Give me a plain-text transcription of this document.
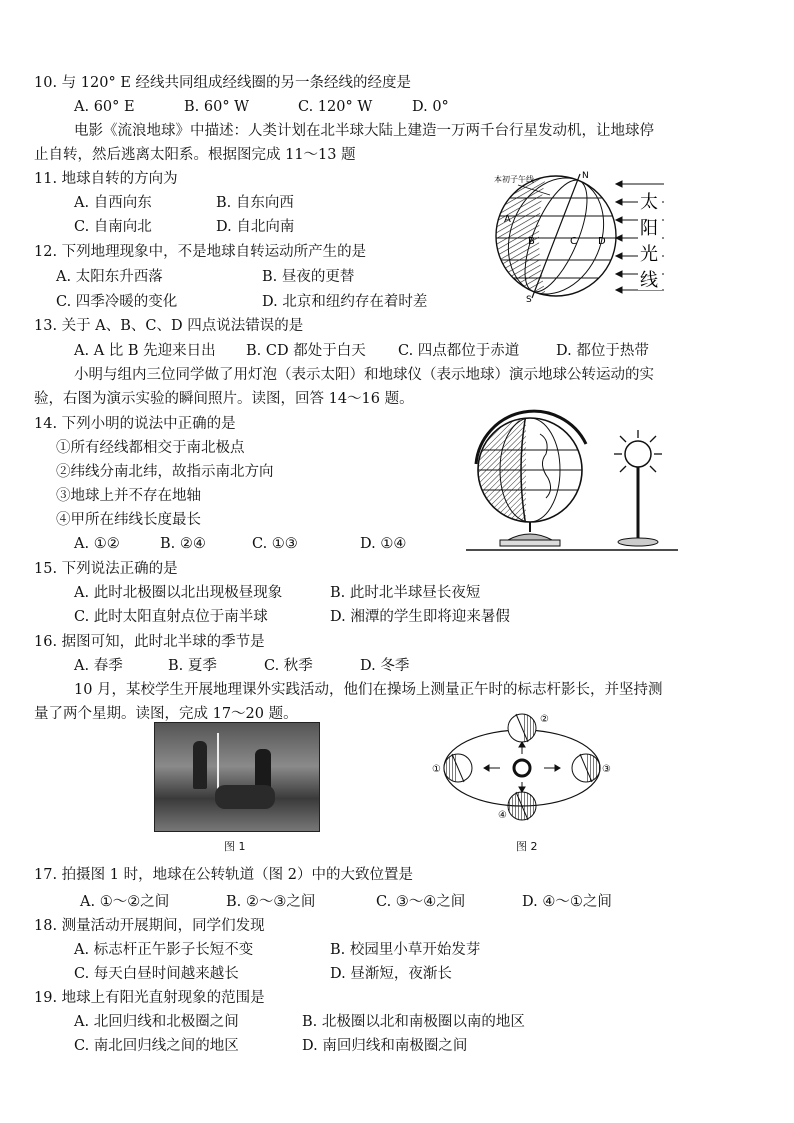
10. 与 120° E 经线共同组成经线圈的另一条经线的经度是
A. 60° E	B. 60° W	C. 120° W	D. 0°
电影《流浪地球》中描述：人类计划在北半球大陆上建造一万两千台行星发动机，让地球停
止自转，然后逃离太阳系。根据图完成 11～13 题
11. 地球自转的方向为
A. 自西向东	B. 自东向西
C. 自南向北	D. 自北向南
12. 下列地理现象中，不是地球自转运动所产生的是
A. 太阳东升西落	B. 昼夜的更替
C. 四季冷暖的变化	D. 北京和纽约存在着时差
13. 关于 A、B、C、D 四点说法错误的是
A. A 比 B 先迎来日出 B. CD 都处于白天 C. 四点都位于赤道	D. 都位于热带
小明与组内三位同学做了用灯泡（表示太阳）和地球仪（表示地球）演示地球公转运动的实
验，右图为演示实验的瞬间照片。读图，回答 14～16 题。
14. 下列小明的说法中正确的是
①所有经线都相交于南北极点
②纬线分南北纬，故指示南北方向
③地球上并不存在地轴
④甲所在纬线长度最长
A. ①②	B. ②④	C. ①③	D. ①④
15. 下列说法正确的是
A. 此时北极圈以北出现极昼现象	B. 此时北半球昼长夜短
C. 此时太阳直射点位于南半球	D. 湘潭的学生即将迎来暑假
16. 据图可知，此时北半球的季节是
A. 春季	B. 夏季	C. 秋季	D. 冬季
10 月，某校学生开展地理课外实践活动，他们在操场上测量正午时的标志杆影长，并坚持测
量了两个星期。读图，完成 17～20 题。
17. 拍摄图 1 时，地球在公转轨道（图 2）中的大致位置是
A. ①～②之间	B. ②～③之间	C. ③～④之间	D. ④～①之间
18. 测量活动开展期间，同学们发现
A. 标志杆正午影子长短不变	B. 校园里小草开始发芽
C. 每天白昼时间越来越长	D. 昼渐短，夜渐长
19. 地球上有阳光直射现象的范围是
A. 北回归线和北极圈之间	B. 北极圈以北和南极圈以南的地区
C. 南北回归线之间的地区	D. 南回归线和南极圈之间
本初子午线	N
S
A
B	C D
太
阳
光
线
图 1
②
①	③
④
图 2
